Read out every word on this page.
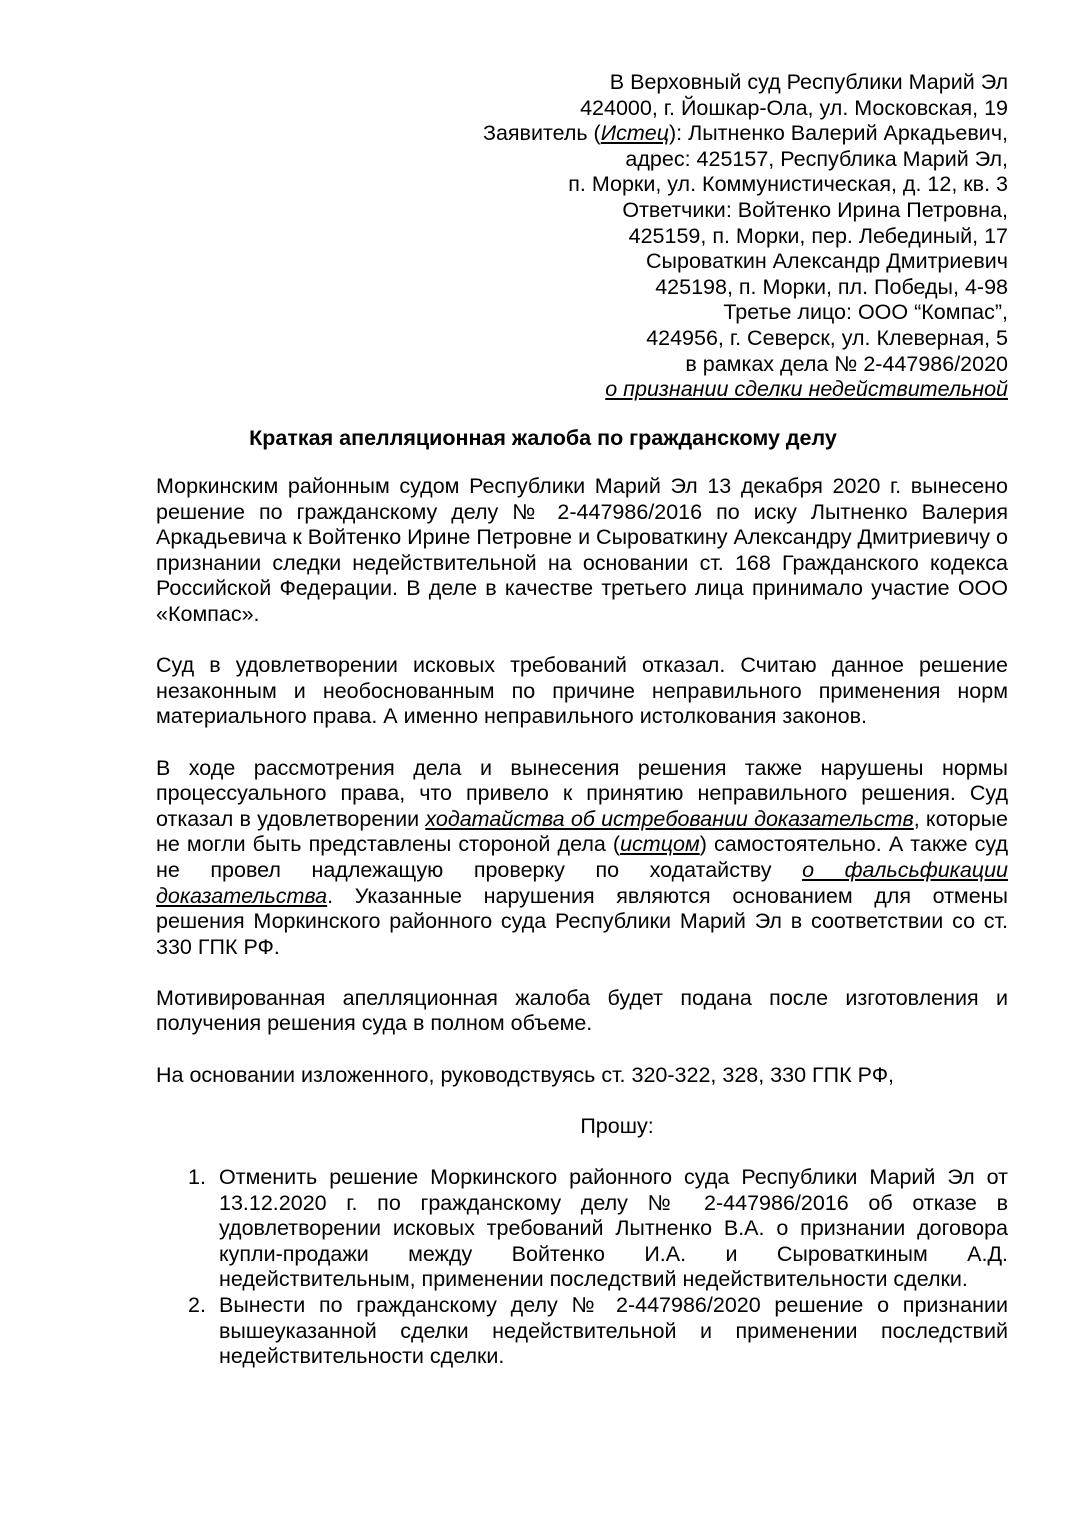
В Верховный суд Республики Марий Эл
424000, г. Йошкар-Ола, ул. Московская, 19
Заявитель (Истец): Лытненко Валерий Аркадьевич,
адрес: 425157, Республика Марий Эл,
п. Морки, ул. Коммунистическая, д. 12, кв. 3
Ответчики: Войтенко Ирина Петровна,
425159, п. Морки, пер. Лебединый, 17
Сыроваткин Александр Дмитриевич
425198, п. Морки, пл. Победы, 4-98
Третье лицо: ООО “Компас”,
424956, г. Северск, ул. Клеверная, 5
в рамках дела № 2-447986/2020
о признании сделки недействительной
Краткая апелляционная жалоба по гражданскому делу

Моркинским районным судом Республики Марий Эл 13 декабря 2020 г. вынесено решение по гражданскому делу № 2-447986/2016 по иску Лытненко Валерия Аркадьевича к Войтенко Ирине Петровне и Сыроваткину Александру Дмитриевичу о признании следки недействительной на основании ст. 168 Гражданского кодекса Российской Федерации. В деле в качестве третьего лица принимало участие ООО «Компас».

Суд в удовлетворении исковых требований отказал. Считаю данное решение незаконным и необоснованным по причине неправильного применения норм материального права. А именно неправильного истолкования законов.

В ходе рассмотрения дела и вынесения решения также нарушены нормы процессуального права, что привело к принятию неправильного решения. Суд отказал в удовлетворении ходатайства об истребовании доказательств, которые не могли быть представлены стороной дела (истцом) самостоятельно. А также суд не провел надлежащую проверку по ходатайству о фальсьфикации доказательства. Указанные нарушения являются основанием для отмены решения Моркинского районного суда Республики Марий Эл в соответствии со ст. 330 ГПК РФ.

Мотивированная апелляционная жалоба будет подана после изготовления и получения решения суда в полном объеме.

На основании изложенного, руководствуясь ст. 320-322, 328, 330 ГПК РФ,

Прошу:

1. Отменить решение Моркинского районного суда Республики Марий Эл от 13.12.2020 г. по гражданскому делу № 2-447986/2016 об отказе в удовлетворении исковых требований Лытненко В.А. о признании договора купли-продажи между Войтенко И.А. и Сыроваткиным А.Д. недействительным, применении последствий недействительности сделки.
2. Вынести по гражданскому делу № 2-447986/2020 решение о признании вышеуказанной сделки недействительной и применении последствий недействительности сделки.
